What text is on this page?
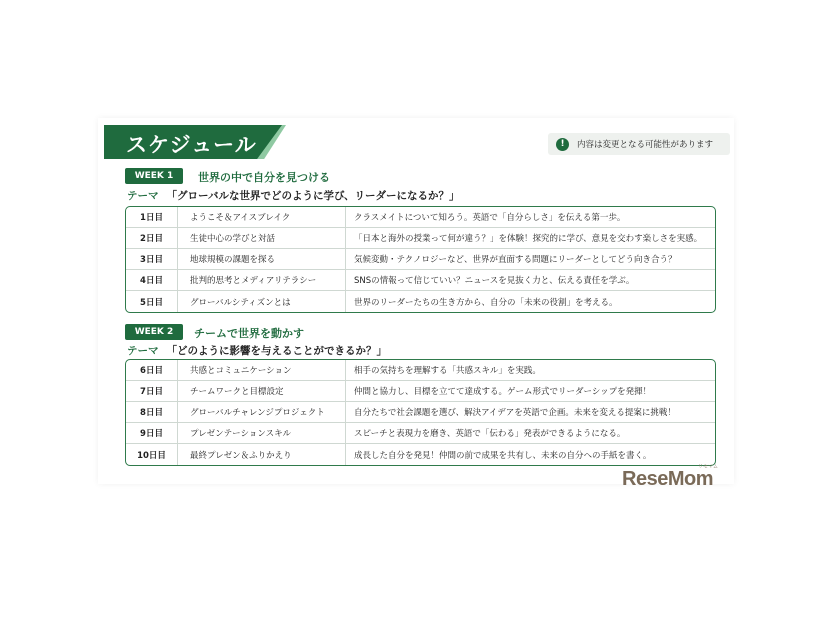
スケジュール	!	内容は変更となる可能性があります
WEEK 1	世界の中で自分を見つける
テーマ 「グローバルな世界でどのように学び、リーダーになるか？」
1日目	ようこそ＆アイスブレイク	クラスメイトについて知ろう。英語で「自分らしさ」を伝える第一歩。
2日目	生徒中心の学びと対話	「日本と海外の授業って何が違う？」を体験！探究的に学び、意見を交わす楽しさを実感。
3日目	地球規模の課題を探る	気候変動・テクノロジーなど、世界が直面する問題にリーダーとしてどう向き合う？
4日目	批判的思考とメディアリテラシー	SNSの情報って信じていい？ニュースを見抜く力と、伝える責任を学ぶ。
5日目	グローバルシティズンとは	世界のリーダーたちの生き方から、自分の「未来の役割」を考える。
WEEK 2	チームで世界を動かす
テーマ 「どのように影響を与えることができるか？」
6日目	共感とコミュニケーション	相手の気持ちを理解する「共感スキル」を実践。
7日目	チームワークと目標設定	仲間と協力し、目標を立てて達成する。ゲーム形式でリーダーシップを発揮！
8日目	グローバルチャレンジプロジェクト	自分たちで社会課題を選び、解決アイデアを英語で企画。未来を変える提案に挑戦！
9日目	プレゼンテーションスキル	スピーチと表現力を磨き、英語で「伝わる」発表ができるようになる。
10日目	最終プレゼン＆ふりかえり	成長した自分を発見！仲間の前で成果を共有し、未来の自分への手紙を書く。
リセマム
ReseMom
